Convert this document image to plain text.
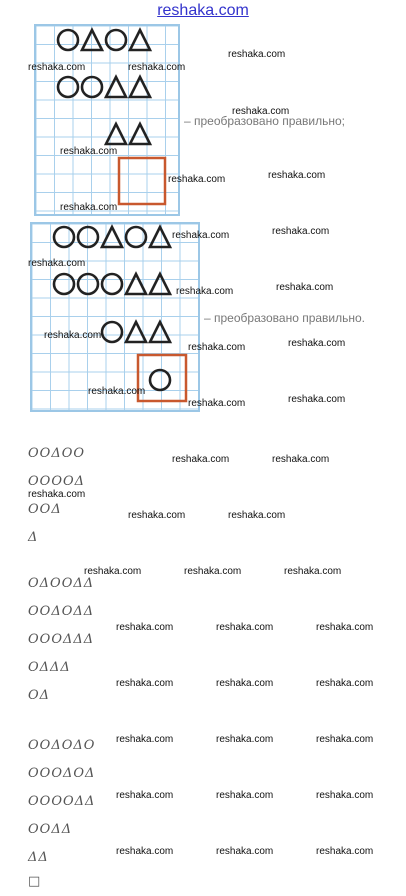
reshaka.com
– преобразовано правильно;
– преобразовано правильно.
OOΔOO
OOOOΔ
OOΔ
Δ
OΔOOΔΔ
OOΔOΔΔ
OOOΔΔΔ
OΔΔΔ
OΔ
OOΔOΔO
OOOΔOΔ
OOOOΔΔ
OOΔΔ
ΔΔ
□
reshaka.com
reshaka.com	reshaka.com
reshaka.com
reshaka.com
reshaka.com	reshaka.com
reshaka.com
reshaka.com	reshaka.com
reshaka.com
reshaka.com	reshaka.com
reshaka.com
reshaka.com	reshaka.com
reshaka.com
reshaka.com	reshaka.com
reshaka.com	reshaka.com
reshaka.com
reshaka.com	reshaka.com
reshaka.com	reshaka.com	reshaka.com
reshaka.com	reshaka.com	reshaka.com
reshaka.com	reshaka.com	reshaka.com
reshaka.com	reshaka.com	reshaka.com
reshaka.com	reshaka.com	reshaka.com
reshaka.com	reshaka.com	reshaka.com
